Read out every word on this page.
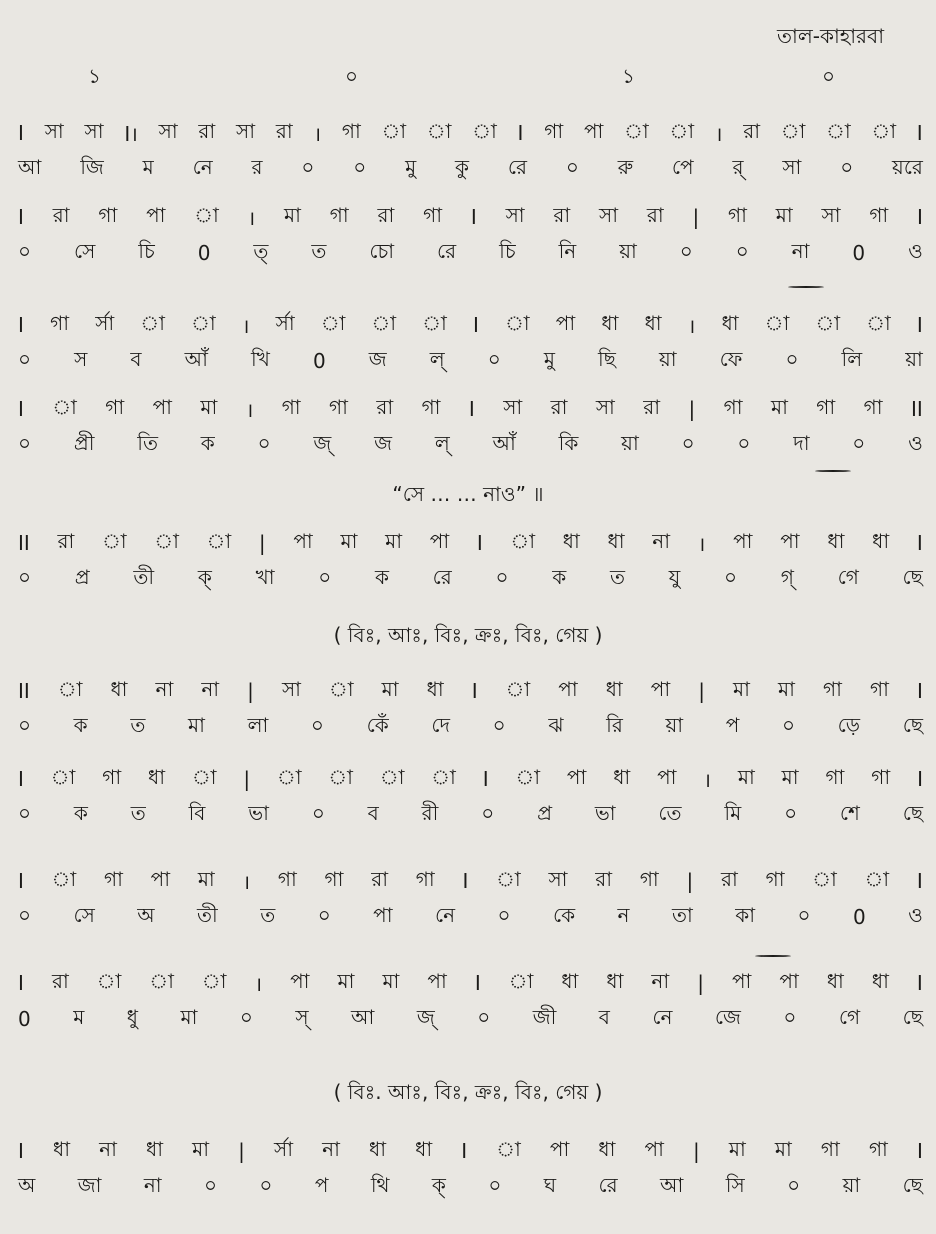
তাল-কাহারবা
১	০	১	০
I সা সা I। সা রা সা রা । গা া া া I গা পা া া । রা া া া I
আ জি ম নে র ০ ০ মু কু রে ০ রু পে র্ সা ০ য়রে
I রা গা পা া । মা গা রা গা I সা রা সা রা | গা মা সা গা I
০ সে চি 0 ত্ ত চো রে চি নি য়া ০ ০ না 0 ও
I গা র্সা া া । র্সা া া া I া পা ধা ধা । ধা া া া I
০ স ব আঁ খি 0 জ ল্ ০ মু ছি য়া ফে ০ লি য়া
I া গা পা মা । গা গা রা গা I সা রা সা রা | গা মা গা গা II
০ প্রী তি ক ০ জ্ জ ল্ আঁ কি য়া ০ ০ দা ০ ও
“সে … … নাও” ॥
II রা া া া | পা মা মা পা I া ধা ধা না । পা পা ধা ধা I
০ প্র তী ক্ খা ০ ক রে ০ ক ত যু ০ গ্ গে ছে
( বিঃ, আঃ, বিঃ, ক্রঃ, বিঃ, গেয় )
II া ধা না না | সা া মা ধা I া পা ধা পা | মা মা গা গা I
০ ক ত মা লা ০ কেঁ দে ০ ঝ রি য়া প ০ ড়ে ছে
I া গা ধা া | া া া া I া পা ধা পা । মা মা গা গা I
০ ক ত বি ভা ০ ব রী ০ প্র ভা তে মি ০ শে ছে
I া গা পা মা । গা গা রা গা I া সা রা গা | রা গা া া I
০ সে অ তী ত ০ পা নে ০ কে ন তা কা ০ 0 ও
I রা া া া । পা মা মা পা I া ধা ধা না | পা পা ধা ধা I
0 ম ধু মা ০ স্ আ জ্ ০ জী ব নে জে ০ গে ছে
( বিঃ. আঃ, বিঃ, ক্রঃ, বিঃ, গেয় )
I ধা না ধা মা | র্সা না ধা ধা I া পা ধা পা | মা মা গা গা I
অ জা না ০ ০ প থি ক্ ০ ঘ রে আ সি ০ য়া ছে
